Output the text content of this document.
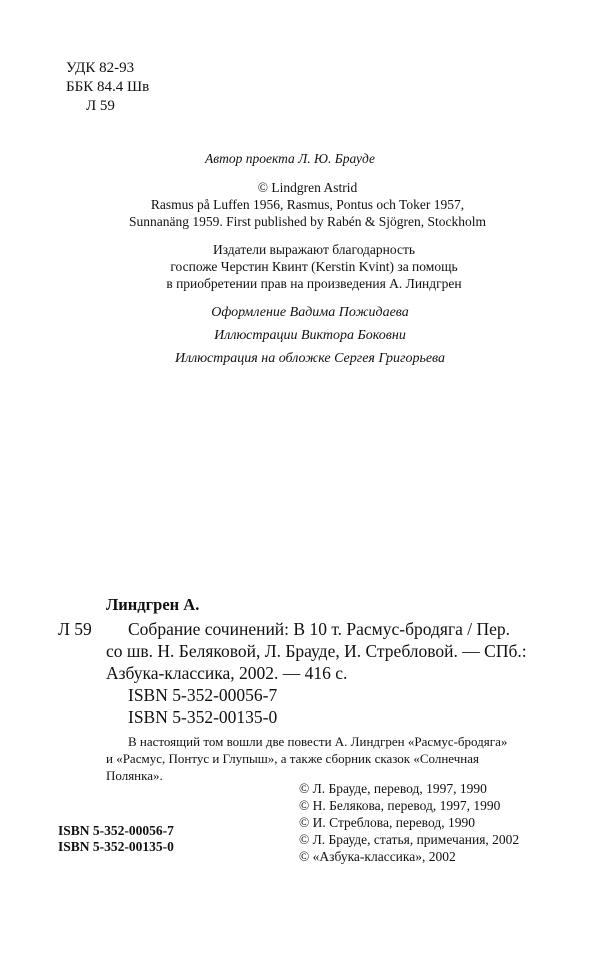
УДК 82-93
ББК 84.4 Шв
Л 59
Автор проекта Л. Ю. Брауде
© Lindgren Astrid
Rasmus på Luffen 1956, Rasmus, Pontus och Toker 1957,
Sunnanäng 1959. First published by Rabén & Sjögren, Stockholm
Издатели выражают благодарность
госпоже Черстин Квинт (Kerstin Kvint) за помощь
в приобретении прав на произведения А. Линдгрен
Оформление Вадима Пожидаева
Иллюстрации Виктора Боковни
Иллюстрация на обложке Сергея Григорьева
Линдгрен А.
Л 59	Собрание сочинений: В 10 т. Расмус-бродяга / Пер.
со шв. Н. Беляковой, Л. Брауде, И. Стребловой. — СПб.:
Азбука-классика, 2002. — 416 с.
ISBN 5-352-00056-7
ISBN 5-352-00135-0
В настоящий том вошли две повести А. Линдгрен «Расмус-бродяга»
и «Расмус, Понтус и Глупыш», а также сборник сказок «Солнечная
Полянка».
ISBN 5-352-00056-7
ISBN 5-352-00135-0
© Л. Брауде, перевод, 1997, 1990
© Н. Белякова, перевод, 1997, 1990
© И. Стреблова, перевод, 1990
© Л. Брауде, статья, примечания, 2002
© «Азбука-классика», 2002
